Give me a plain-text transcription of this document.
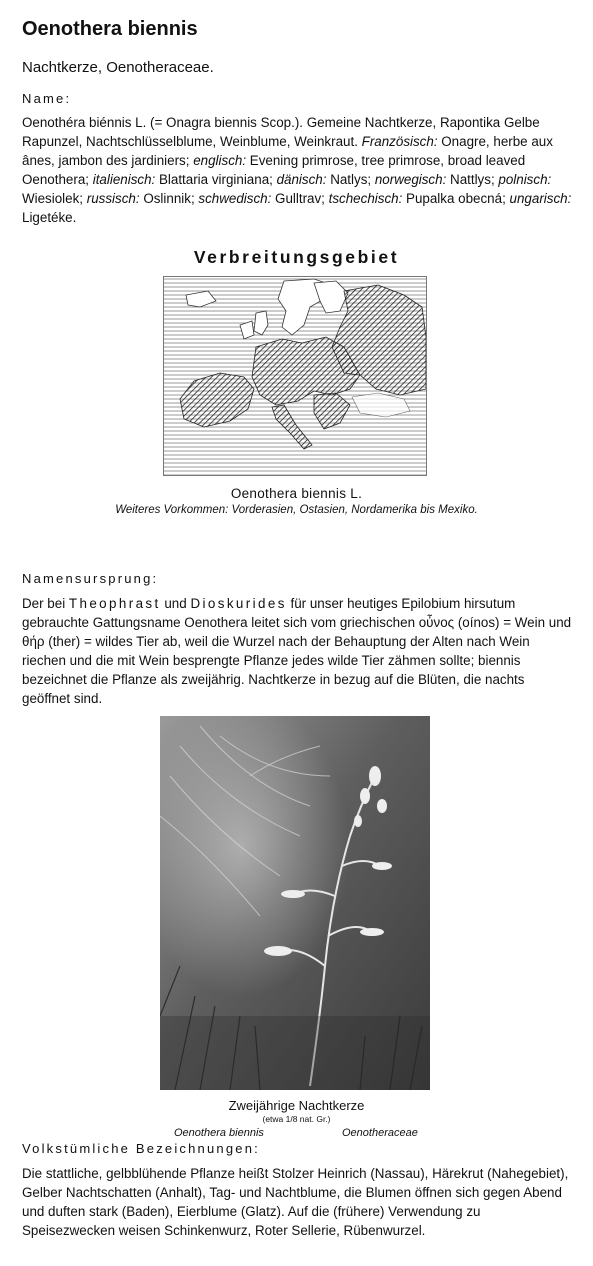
Oenothera biennis
Nachtkerze, Oenotheraceae.
Name:

Oenothéra biénnis L. (= Onagra biennis Scop.). Gemeine Nachtkerze, Rapontika Gelbe Rapunzel, Nachtschlüsselblume, Weinblume, Weinkraut. Französisch: Onagre, herbe aux ânes, jambon des jardiniers; englisch: Evening primrose, tree primrose, broad leaved Oenothera; italienisch: Blattaria virginiana; dänisch: Natlys; norwegisch: Nattlys; polnisch: Wiesiolek; russisch: Oslinnik; schwedisch: Gulltrav; tschechisch: Pupalka obecná; ungarisch: Ligetéke.

Verbreitungsgebiet
Oenothera biennis L.
Weiteres Vorkommen: Vorderasien, Ostasien, Nordamerika bis Mexiko.
Namensursprung:

Der bei Theophrast und Dioskurides für unser heutiges Epilobium hirsutum gebrauchte Gattungsname Oenothera leitet sich vom griechischen οὖνος (oínos) = Wein und θήρ (ther) = wildes Tier ab, weil die Wurzel nach der Behauptung der Alten nach Wein riechen und die mit Wein besprengte Pflanze jedes wilde Tier zähmen sollte; biennis bezeichnet die Pflanze als zweijährig. Nachtkerze in bezug auf die Blüten, die nachts geöffnet sind.

Zweijährige Nachtkerze
(etwa 1/8 nat. Gr.)
Oenothera biennis	Oenotheraceae
Volkstümliche Bezeichnungen:

Die stattliche, gelbblühende Pflanze heißt Stolzer Heinrich (Nassau), Härekrut (Nahegebiet), Gelber Nachtschatten (Anhalt), Tag- und Nachtblume, die Blumen öffnen sich gegen Abend und duften stark (Baden), Eierblume (Glatz). Auf die (frühere) Verwendung zu Speisezwecken weisen Schinkenwurz, Roter Sellerie, Rübenwurzel.
